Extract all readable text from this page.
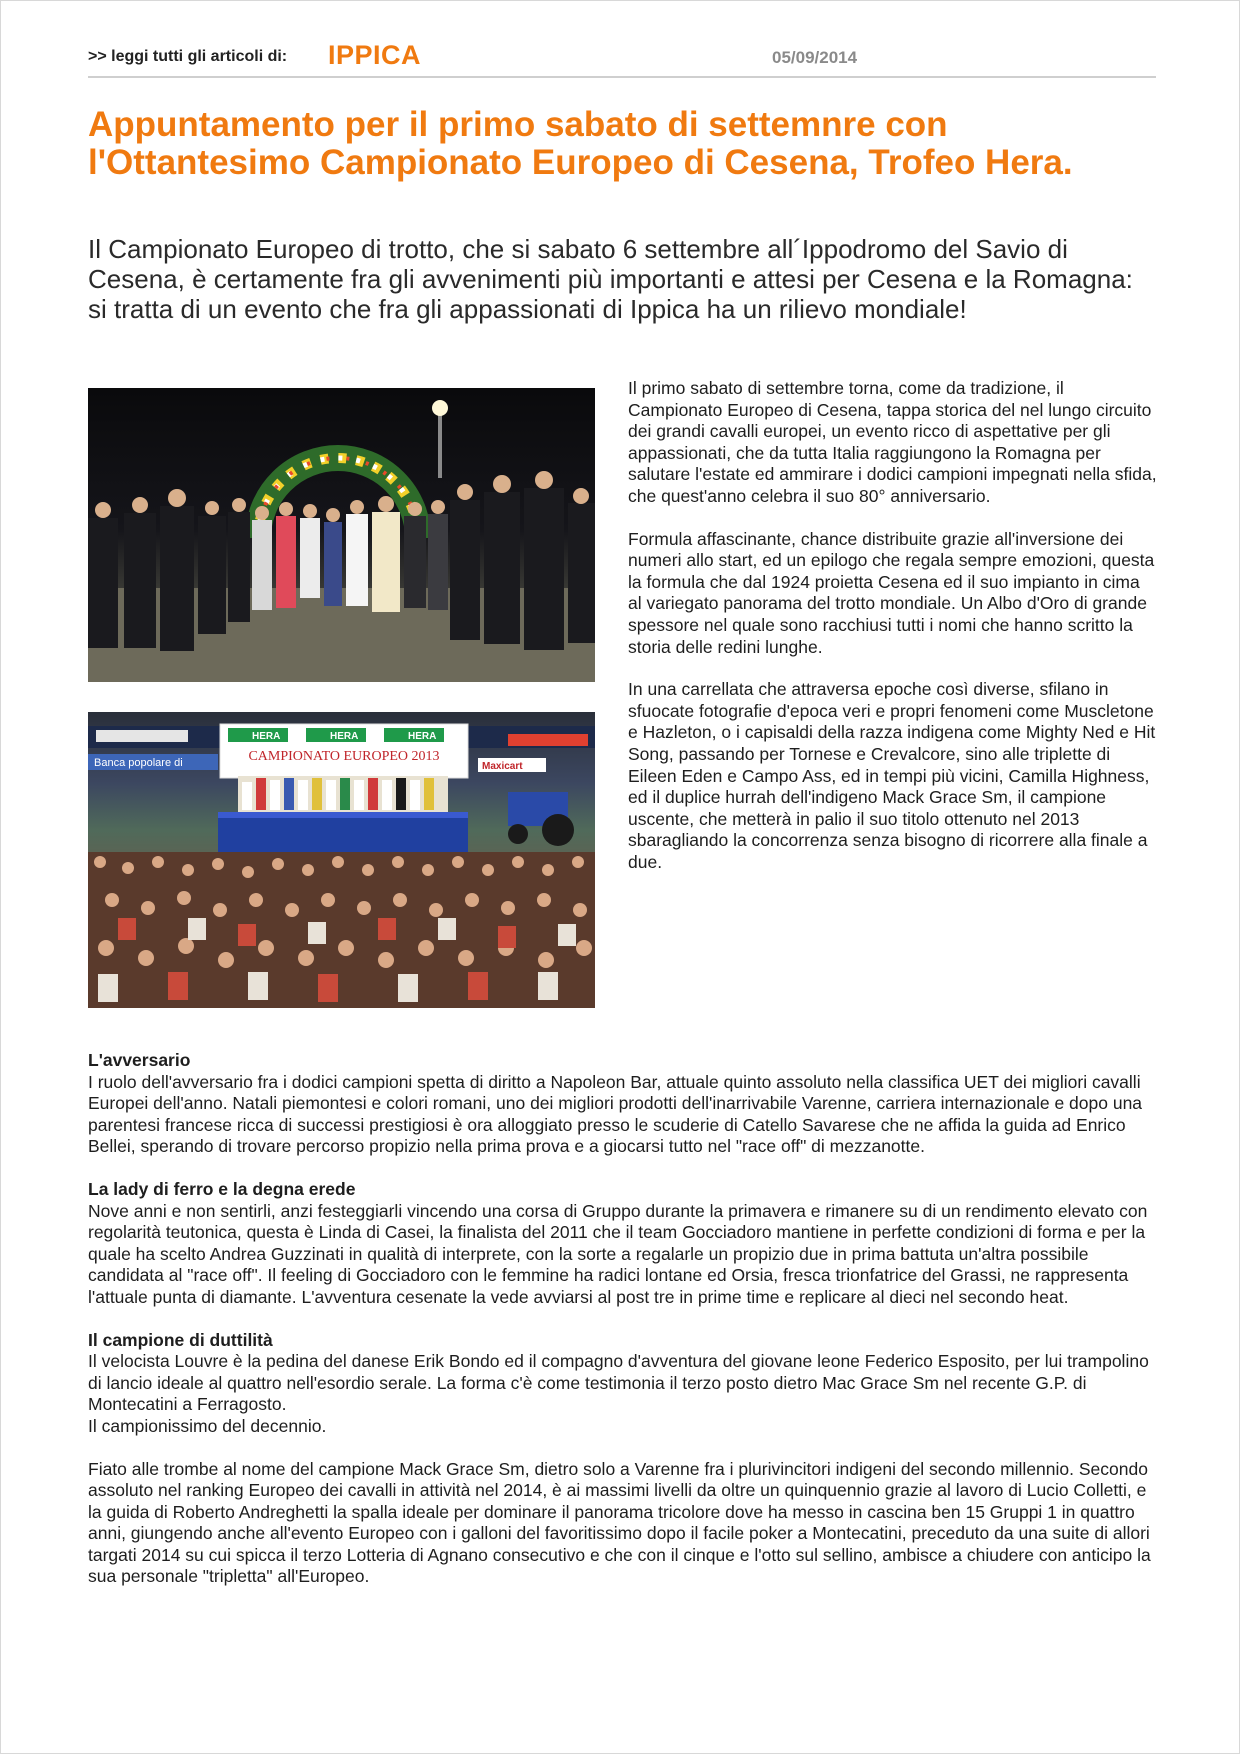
>> leggi tutti gli articoli di: IPPICA	05/09/2014
Appuntamento per il primo sabato di settemnre con l'Ottantesimo Campionato Europeo di Cesena, Trofeo Hera.

Il Campionato Europeo di trotto, che si sabato 6 settembre all´Ippodromo del Savio di Cesena, è certamente fra gli avvenimenti più importanti e attesi per Cesena e la Romagna: si tratta di un evento che fra gli appassionati di Ippica ha un rilievo mondiale!

HERA	HERA	HERA
CAMPIONATO EUROPEO 2013
Banca popolare di	Maxicart

Il primo sabato di settembre torna, come da tradizione, il Campionato Europeo di Cesena, tappa storica del nel lungo circuito dei grandi cavalli europei, un evento ricco di aspettative per gli appassionati, che da tutta Italia raggiungono la Romagna per salutare l'estate ed ammirare i dodici campioni impegnati nella sfida, che quest'anno celebra il suo 80° anniversario.

Formula affascinante, chance distribuite grazie all'inversione dei numeri allo start, ed un epilogo che regala sempre emozioni, questa la formula che dal 1924 proietta Cesena ed il suo impianto in cima al variegato panorama del trotto mondiale. Un Albo d'Oro di grande spessore nel quale sono racchiusi tutti i nomi che hanno scritto la storia delle redini lunghe.

In una carrellata che attraversa epoche così diverse, sfilano in sfuocate fotografie d'epoca veri e propri fenomeni come Muscletone e Hazleton, o i capisaldi della razza indigena come Mighty Ned e Hit Song, passando per Tornese e Crevalcore, sino alle triplette di Eileen Eden e Campo Ass, ed in tempi più vicini, Camilla Highness, ed il duplice hurrah dell'indigeno Mack Grace Sm, il campione uscente, che metterà in palio il suo titolo ottenuto nel 2013 sbaragliando la concorrenza senza bisogno di ricorrere alla finale a due.

L'avversario
I ruolo dell'avversario fra i dodici campioni spetta di diritto a Napoleon Bar, attuale quinto assoluto nella classifica UET dei migliori cavalli Europei dell'anno. Natali piemontesi e colori romani, uno dei migliori prodotti dell'inarrivabile Varenne, carriera internazionale e dopo una parentesi francese ricca di successi prestigiosi è ora alloggiato presso le scuderie di Catello Savarese che ne affida la guida ad Enrico Bellei, sperando di trovare percorso propizio nella prima prova e a giocarsi tutto nel "race off" di mezzanotte.

La lady di ferro e la degna erede
Nove anni e non sentirli, anzi festeggiarli vincendo una corsa di Gruppo durante la primavera e rimanere su di un rendimento elevato con regolarità teutonica, questa è Linda di Casei, la finalista del 2011 che il team Gocciadoro mantiene in perfette condizioni di forma e per la quale ha scelto Andrea Guzzinati in qualità di interprete, con la sorte a regalarle un propizio due in prima battuta un'altra possibile candidata al "race off". Il feeling di Gocciadoro con le femmine ha radici lontane ed Orsia, fresca trionfatrice del Grassi, ne rappresenta l'attuale punta di diamante. L'avventura cesenate la vede avviarsi al post tre in prime time e replicare al dieci nel secondo heat.

Il campione di duttilità
Il velocista Louvre è la pedina del danese Erik Bondo ed il compagno d'avventura del giovane leone Federico Esposito, per lui trampolino di lancio ideale al quattro nell'esordio serale. La forma c'è come testimonia il terzo posto dietro Mac Grace Sm nel recente G.P. di Montecatini a Ferragosto.
Il campionissimo del decennio.

Fiato alle trombe al nome del campione Mack Grace Sm, dietro solo a Varenne fra i plurivincitori indigeni del secondo millennio. Secondo assoluto nel ranking Europeo dei cavalli in attività nel 2014, è ai massimi livelli da oltre un quinquennio grazie al lavoro di Lucio Colletti, e la guida di Roberto Andreghetti la spalla ideale per dominare il panorama tricolore dove ha messo in cascina ben 15 Gruppi 1 in quattro anni, giungendo anche all'evento Europeo con i galloni del favoritissimo dopo il facile poker a Montecatini, preceduto da una suite di allori targati 2014 su cui spicca il terzo Lotteria di Agnano consecutivo e che con il cinque e l'otto sul sellino, ambisce a chiudere con anticipo la sua personale "tripletta" all'Europeo.
